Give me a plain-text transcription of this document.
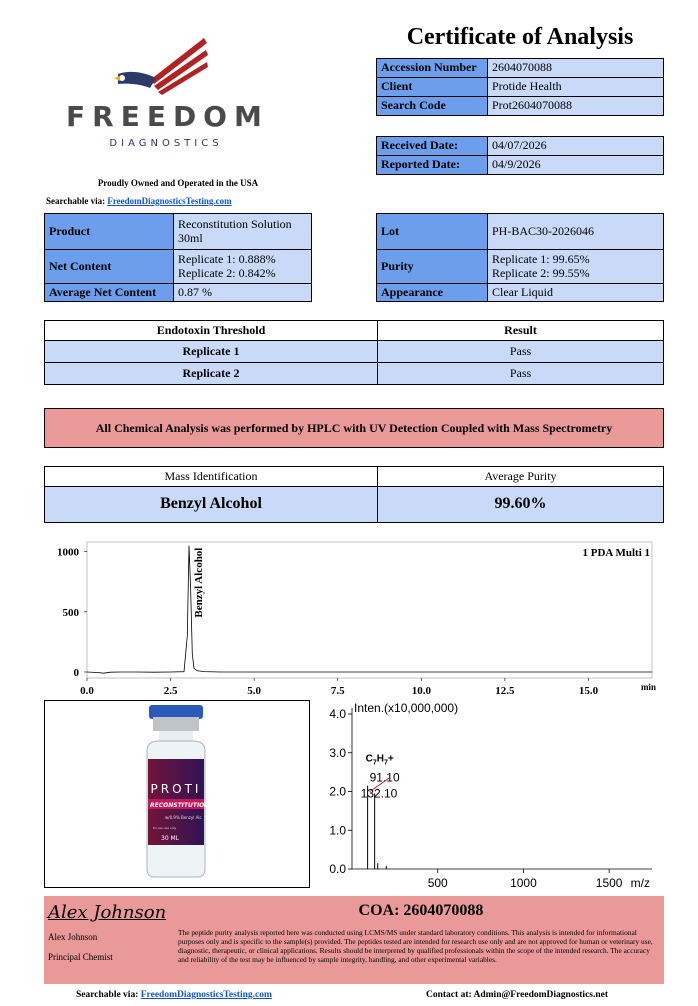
FREEDOM
DIAGNOSTICS
Proudly Owned and Operated in the USA
Searchable via: FreedomDiagnosticsTesting.com
Certificate of Analysis
Accession Number	2604070088
Client	Protide Health
Search Code	Prot2604070088
Received Date:	04/07/2026
Reported Date:	04/9/2026
Product	Reconstitution Solution
30ml

Net Content	Replicate 1: 0.888%
Replicate 2: 0.842%

Average Net Content	0.87 %
Lot	PH-BAC30-2026046
Purity	Replicate 1: 99.65%
Replicate 2: 99.55%

Appearance	Clear Liquid
Endotoxin Threshold	Result
Replicate 1	Pass
Replicate 2	Pass
All Chemical Analysis was performed by HPLC with UV Detection Coupled with Mass Spectrometry
Mass Identification	Average Purity
Benzyl Alcohol	99.60%
0.0	2.5	5.0	7.5	10.0	12.5	15.0
0
500
1000	1 PDA Multi 1
min
Benzyl Alcohol
PROTI
RECONSTITUTION S
w/0.9% Benzyl Alc
for res use only
30 ML
Inten.(x10,000,000)
0.0
1.0
2.0
3.0
4.0
500	1000	1500 m/z
91.10
132.10
$C_7H_7+$
Alex Johnson
Alex Johnson
Principal Chemist
COA: 2604070088
The peptide purity analysis reported here was conducted using LCMS/MS under standard laboratory conditions. This analysis is intended for informational purposes only and is specific to the sample(s) provided. The peptides tested are intended for research use only and are not approved for human or veterinary use, diagnostic, therapeutic, or clinical applications. Results should be interpreted by qualified professionals within the scope of the intended research. The accuracy and reliability of the test may be influenced by sample integrity, handling, and other experimental variables.
Searchable via: FreedomDiagnosticsTesting.com	Contact at: Admin@FreedomDiagnostics.net
